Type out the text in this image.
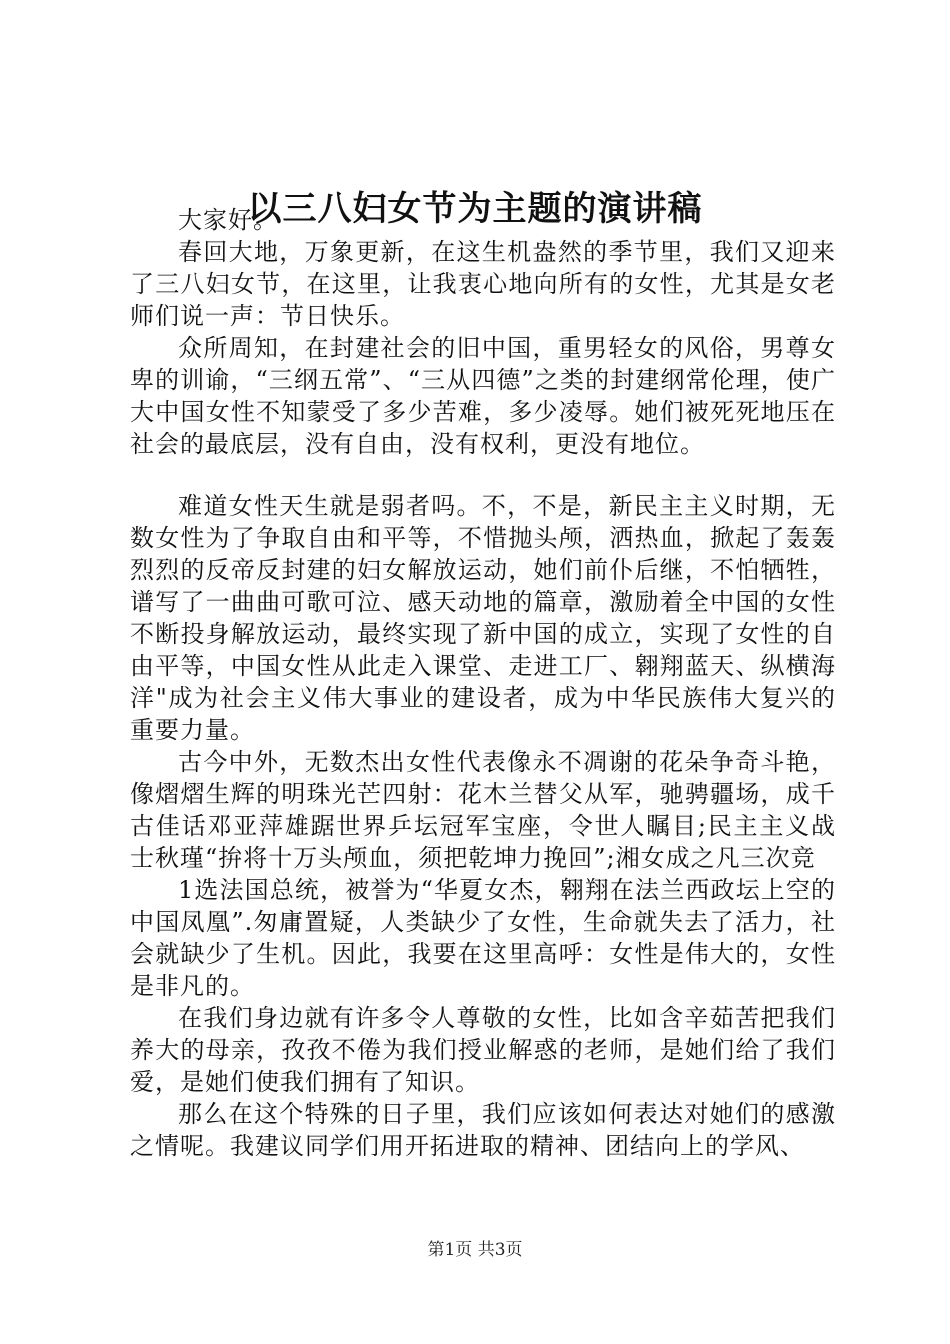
以三八妇女节为主题的演讲稿

大家好。

春回大地，万象更新，在这生机盎然的季节里，我们又迎来了三八妇女节，在这里，让我衷心地向所有的女性，尤其是女老师们说一声：节日快乐。

众所周知，在封建社会的旧中国，重男轻女的风俗，男尊女卑的训谕，“三纲五常”、“三从四德”之类的封建纲常伦理，使广大中国女性不知蒙受了多少苦难，多少凌辱。她们被死死地压在社会的最底层，没有自由，没有权利，更没有地位。

难道女性天生就是弱者吗。不，不是，新民主主义时期，无数女性为了争取自由和平等，不惜抛头颅，洒热血，掀起了轰轰烈烈的反帝反封建的妇女解放运动，她们前仆后继，不怕牺牲，谱写了一曲曲可歌可泣、感天动地的篇章，激励着全中国的女性不断投身解放运动，最终实现了新中国的成立，实现了女性的自由平等，中国女性从此走入课堂、走进工厂、翱翔蓝天、纵横海洋"成为社会主义伟大事业的建设者，成为中华民族伟大复兴的重要力量。

古今中外，无数杰出女性代表像永不凋谢的花朵争奇斗艳，像熠熠生辉的明珠光芒四射：花木兰替父从军，驰骋疆场，成千古佳话邓亚萍雄踞世界乒坛冠军宝座，令世人瞩目;民主主义战士秋瑾“拚将十万头颅血，须把乾坤力挽回”;湘女成之凡三次竞

1选法国总统，被誉为“华夏女杰，翱翔在法兰西政坛上空的中国凤凰”.匆庸置疑，人类缺少了女性，生命就失去了活力，社会就缺少了生机。因此，我要在这里高呼：女性是伟大的，女性是非凡的。

在我们身边就有许多令人尊敬的女性，比如含辛茹苦把我们养大的母亲，孜孜不倦为我们授业解惑的老师，是她们给了我们爱，是她们使我们拥有了知识。

那么在这个特殊的日子里，我们应该如何表达对她们的感激之情呢。我建议同学们用开拓进取的精神、团结向上的学风、

第1页 共3页
